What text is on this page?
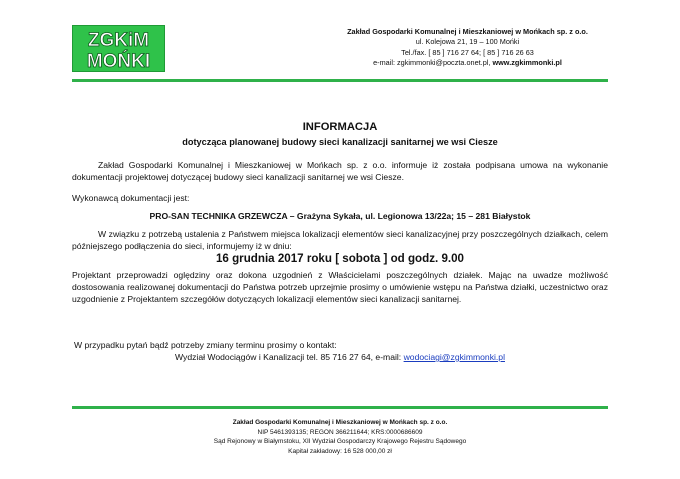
ZGKiM
MOŃKI
Zakład Gospodarki Komunalnej i Mieszkaniowej w Mońkach sp. z o.o.
ul. Kolejowa 21, 19 – 100 Mońki
Tel./fax. [ 85 ] 716 27 64; [ 85 ] 716 26 63
e-mail: zgkimmonki@poczta.onet.pl, www.zgkimmonki.pl
INFORMACJA
dotycząca planowanej budowy sieci kanalizacji sanitarnej we wsi Ciesze
Zakład Gospodarki Komunalnej i Mieszkaniowej w Mońkach sp. z o.o. informuje iż została podpisana umowa na wykonanie dokumentacji projektowej dotyczącej budowy sieci kanalizacji sanitarnej we wsi Ciesze.
Wykonawcą dokumentacji jest:
PRO-SAN TECHNIKA GRZEWCZA – Grażyna Sykała, ul. Legionowa 13/22a; 15 – 281 Białystok
W związku z potrzebą ustalenia z Państwem miejsca lokalizacji elementów sieci kanalizacyjnej przy poszczególnych działkach, celem późniejszego podłączenia do sieci, informujemy iż w dniu:
16 grudnia 2017 roku [ sobota ] od godz. 9.00
Projektant przeprowadzi oględziny oraz dokona uzgodnień z Właścicielami poszczególnych działek. Mając na uwadze możliwość dostosowania realizowanej dokumentacji do Państwa potrzeb uprzejmie prosimy o umówienie wstępu na Państwa działki, uczestnictwo oraz uzgodnienie z Projektantem szczegółów dotyczących lokalizacji elementów sieci kanalizacji sanitarnej.
W przypadku pytań bądź potrzeby zmiany terminu prosimy o kontakt:
Wydział Wodociągów i Kanalizacji tel. 85 716 27 64, e-mail: wodociagi@zgkimmonki.pl
Zakład Gospodarki Komunalnej i Mieszkaniowej w Mońkach sp. z o.o.
NIP 5461393135; REGON 366211644; KRS:0000686609
Sąd Rejonowy w Białymstoku, XII Wydział Gospodarczy Krajowego Rejestru Sądowego
Kapitał zakładowy: 16 528 000,00 zł
